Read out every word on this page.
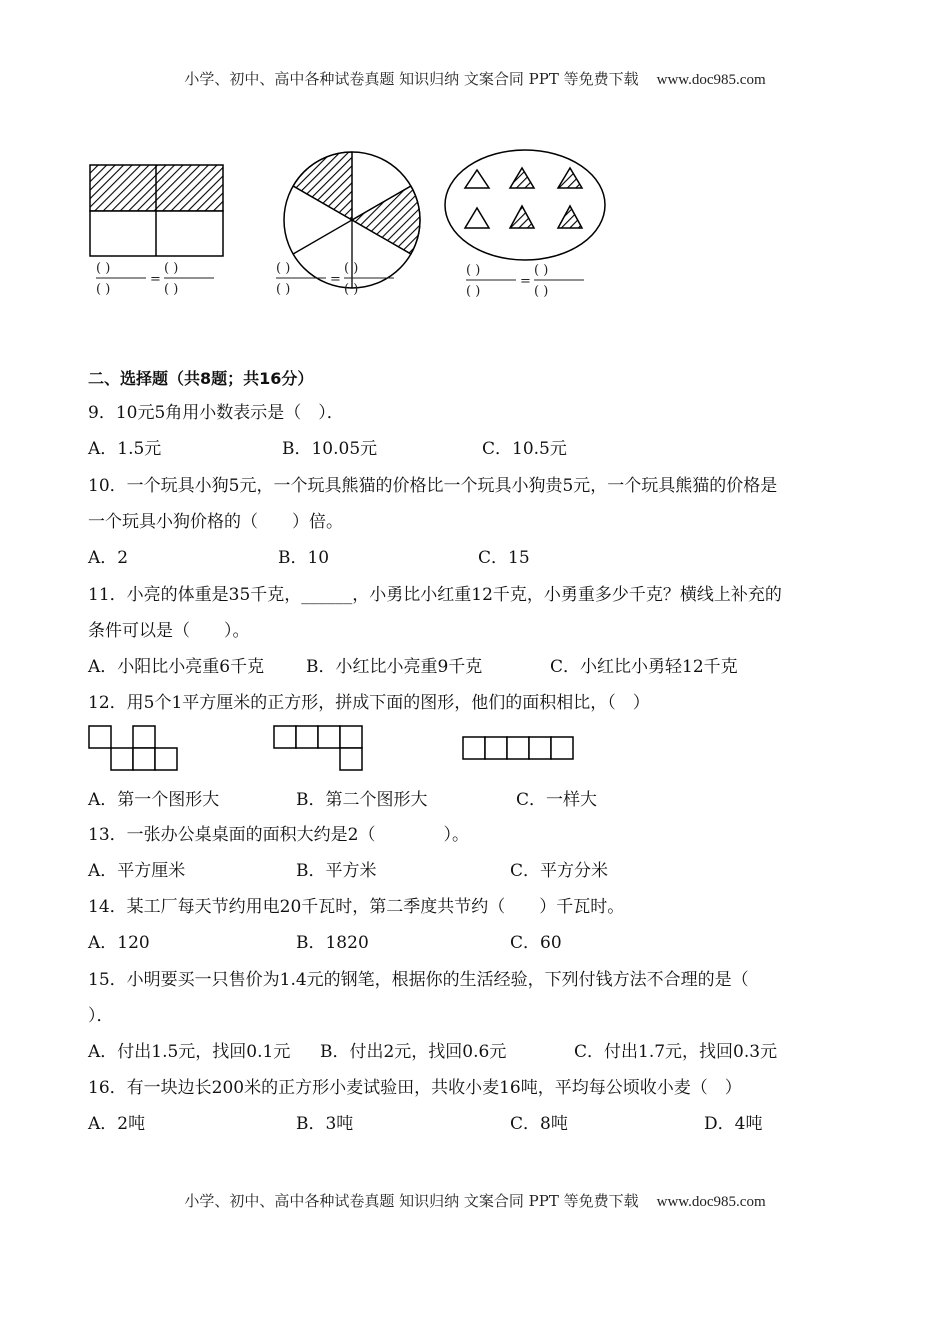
小学、初中、高中各种试卷真题 知识归纳 文案合同 PPT 等免费下载 www.doc985.com
( )
( )
=
( )
( )
( )
( )
=
( )
( )
( )
( )
=
( )
( )
二、选择题（共8题；共16分）
9．10元5角用小数表示是（　）．
A．1.5元	B．10.05元	C．10.5元
10．一个玩具小狗5元，一个玩具熊猫的价格比一个玩具小狗贵5元，一个玩具熊猫的价格是
一个玩具小狗价格的（　　）倍。
A．2	B．10	C．15
11．小亮的体重是35千克，______，小勇比小红重12千克，小勇重多少千克？横线上补充的
条件可以是（　　）。
A．小阳比小亮重6千克 B．小红比小亮重9千克	C．小红比小勇轻12千克
12．用5个1平方厘米的正方形，拼成下面的图形，他们的面积相比，（　）
A．第一个图形大	B．第二个图形大	C．一样大
13．一张办公桌桌面的面积大约是2（　　　　）。
A．平方厘米	B．平方米	C．平方分米
14．某工厂每天节约用电20千瓦时，第二季度共节约（　　）千瓦时。
A．120	B．1820	C．60
15．小明要买一只售价为1.4元的钢笔，根据你的生活经验，下列付钱方法不合理的是（
）．
A．付出1.5元，找回0.1元 B．付出2元，找回0.6元	C．付出1.7元，找回0.3元
16．有一块边长200米的正方形小麦试验田，共收小麦16吨，平均每公顷收小麦（　）
A．2吨	B．3吨	C．8吨	D．4吨
小学、初中、高中各种试卷真题 知识归纳 文案合同 PPT 等免费下载 www.doc985.com
